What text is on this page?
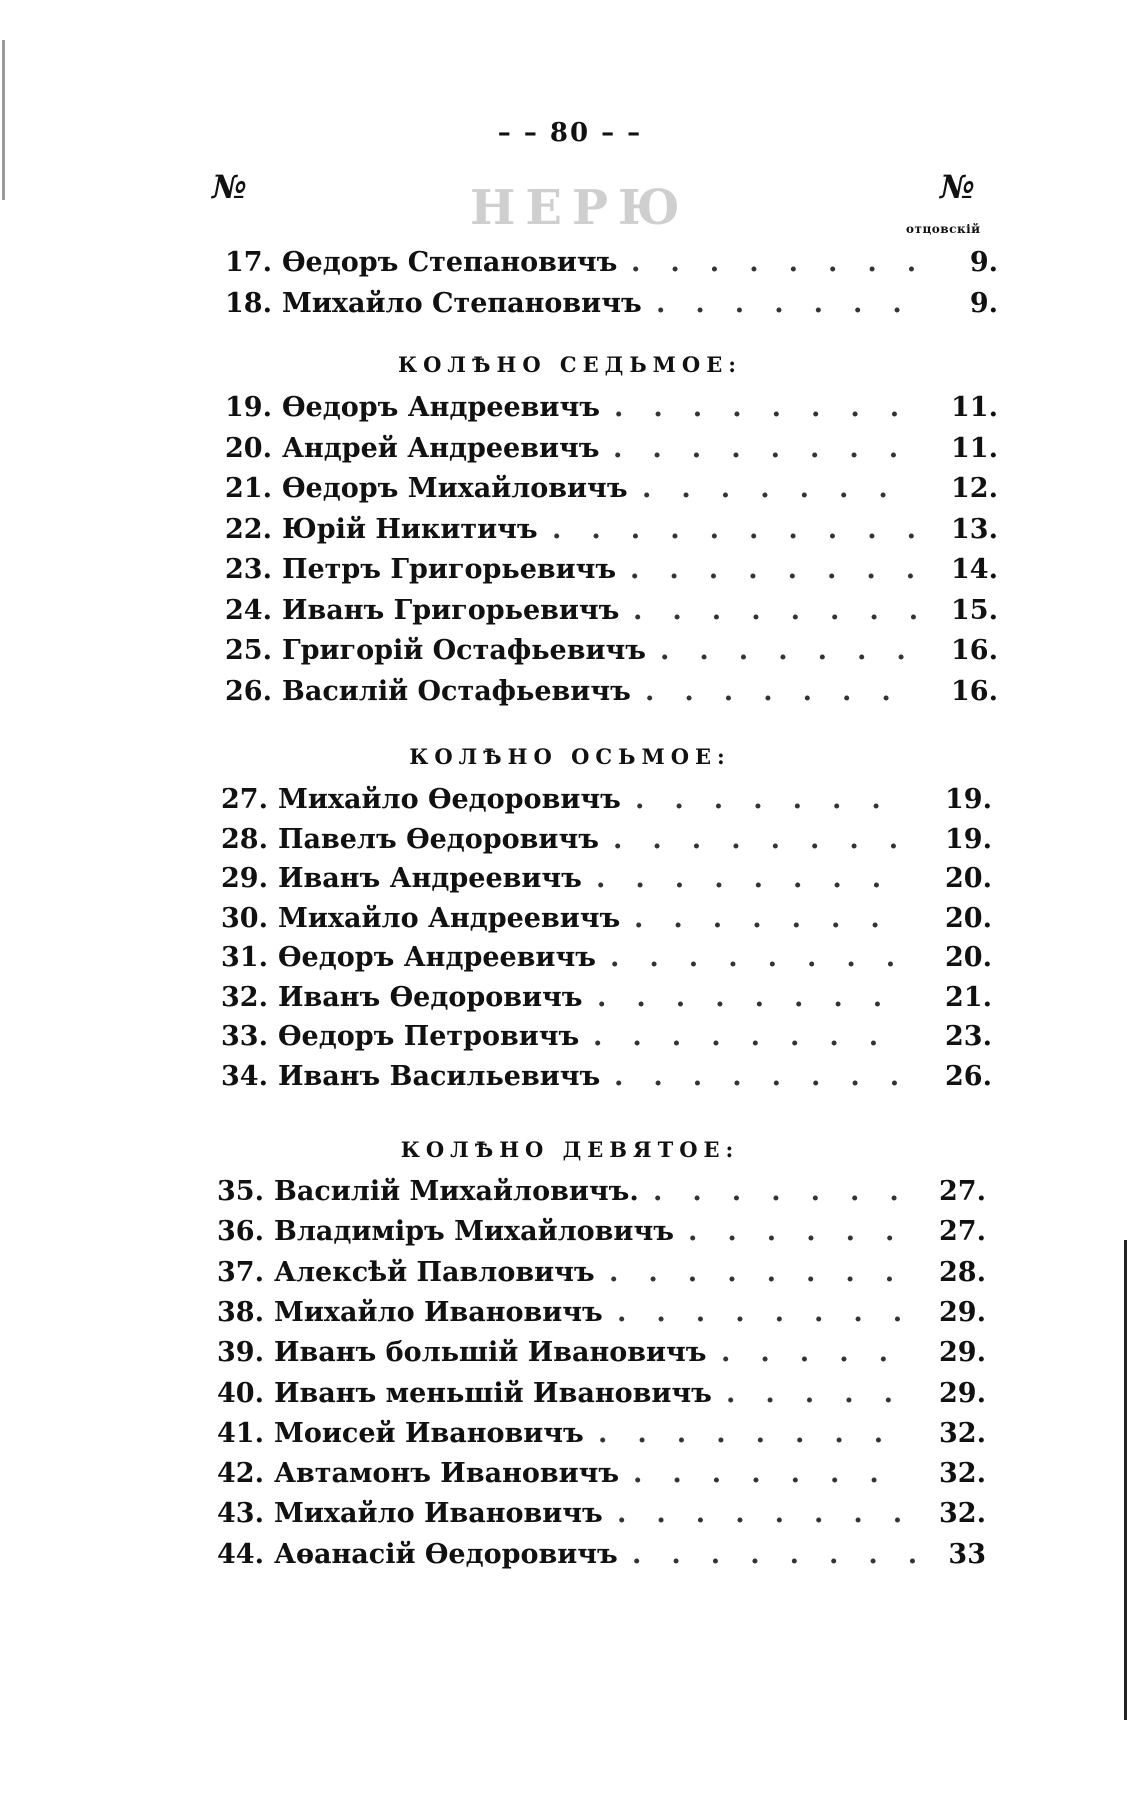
– – 80 – –
№	НЕРЮ	№
отцовскій
17. Өедоръ Степановичъ ........ 9.
18. Михайло Степановичъ .......	9.
КОЛѢНО СЕДЬМОЕ:
19. Өедоръ Андреевичъ ........ 11.
20. Андрей Андреевичъ ........ 11.
21. Өедоръ Михайловичъ .......	12.
22. Юрій Никитичъ .......... 13.
23. Петръ Григорьевичъ ........ 14.
24. Иванъ Григорьевичъ ........ 15.
25. Григорій Остафьевичъ ....... 16.
26. Василій Остафьевичъ .......	16.
КОЛѢНО ОСЬМОЕ:
27. Михайло Өедоровичъ .......	19.
28. Павелъ Өедоровичъ ........ 19.
29. Иванъ Андреевичъ ........	20.
30. Михайло Андреевичъ .......	20.
31. Өедоръ Андреевичъ ........ 20.
32. Иванъ Өедоровичъ ........	21.
33. Өедоръ Петровичъ ........	23.
34. Иванъ Васильевичъ ........ 26.
КОЛѢНО ДЕВЯТОЕ:
35. Василій Михайловичъ. ....... 27.
36. Владиміръ Михайловичъ ...... 27.
37. Алексѣй Павловичъ ........ 28.
38. Михайло Ивановичъ ........ 29.
39. Иванъ большій Ивановичъ ..... 29.
40. Иванъ меньшій Ивановичъ ..... 29.
41. Моисей Ивановичъ ........ 32.
42. Автамонъ Ивановичъ .......	32.
43. Михайло Ивановичъ ........ 32.
44. Аөанасій Өедоровичъ ........ 33
